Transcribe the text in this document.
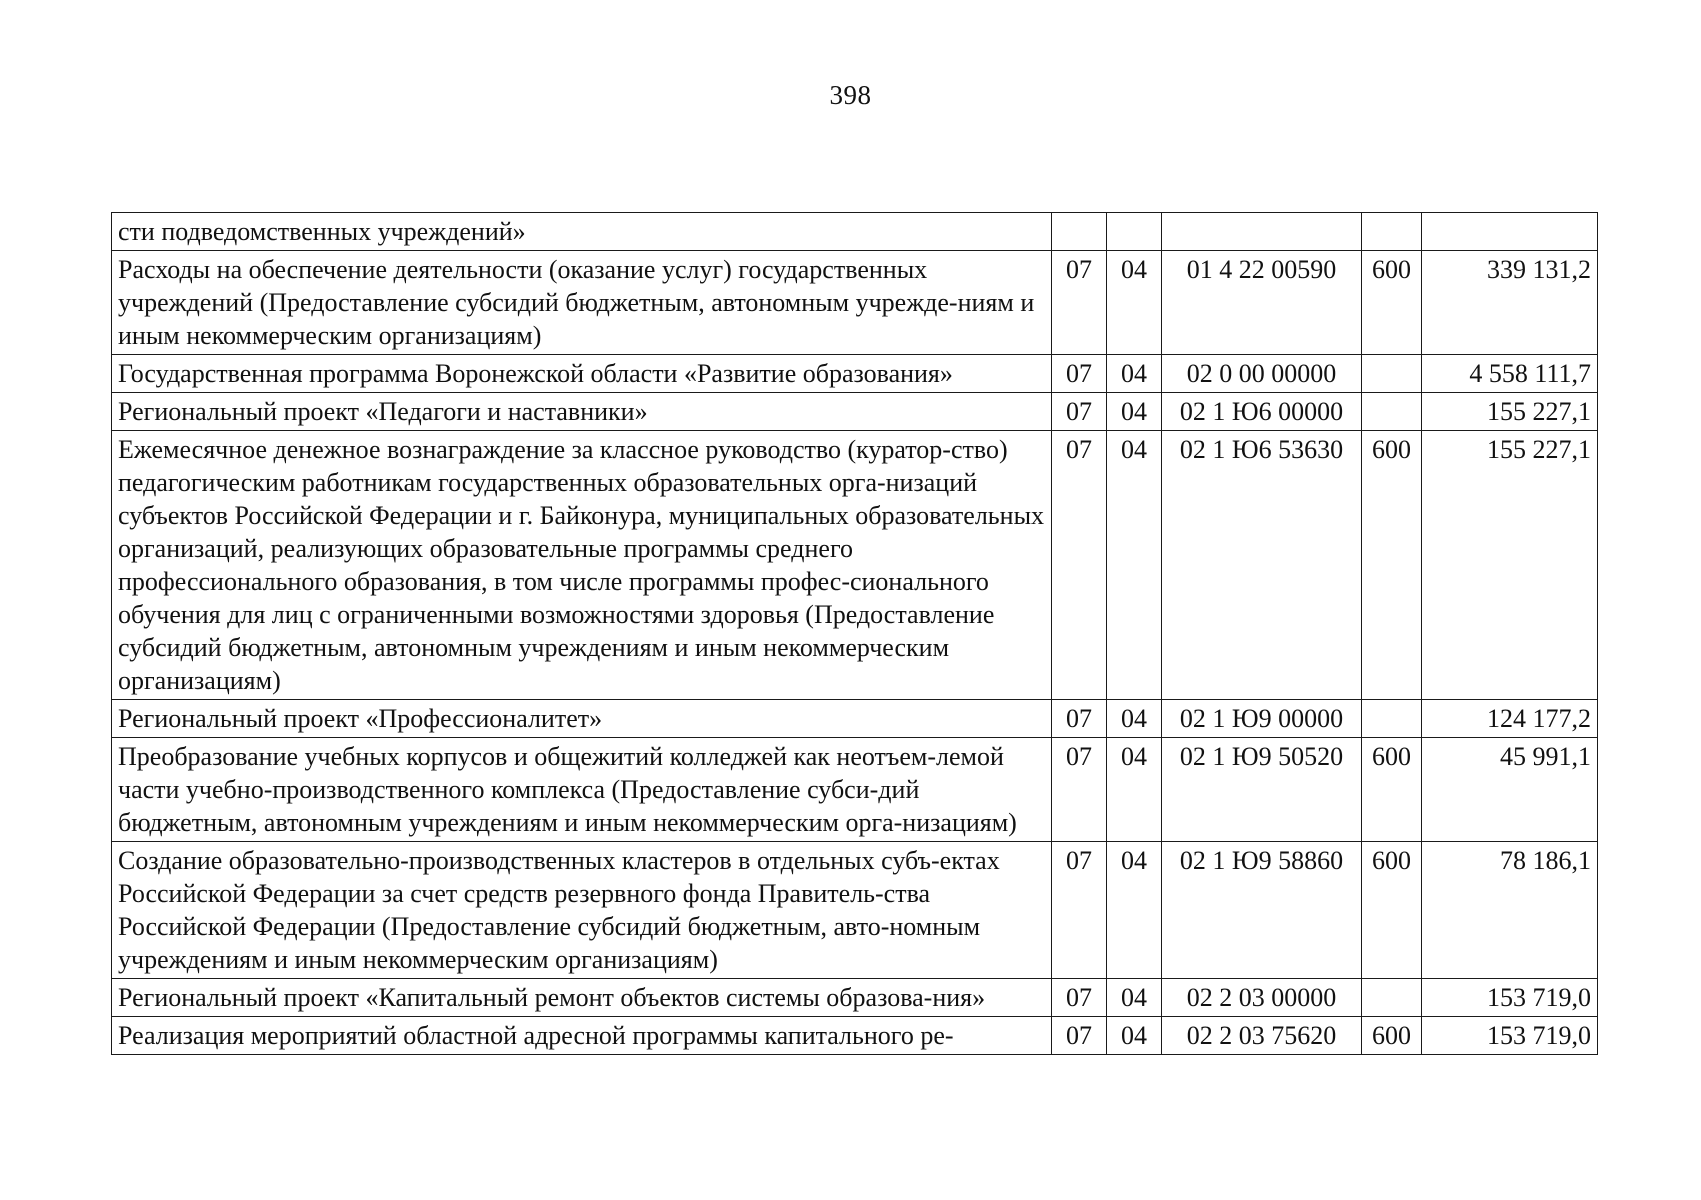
398
сти подведомственных учреждений»					
Расходы на обеспечение деятельности (оказание услуг) государственных учреждений (Предоставление субсидий бюджетным, автономным учрежде-ниям и иным некоммерческим организациям)	07	04	01 4 22 00590	600	339 131,2
Государственная программа Воронежской области «Развитие образования»	07	04	02 0 00 00000		4 558 111,7
Региональный проект «Педагоги и наставники»	07	04	02 1 Ю6 00000		155 227,1
Ежемесячное денежное вознаграждение за классное руководство (куратор-ство) педагогическим работникам государственных образовательных орга-низаций субъектов Российской Федерации и г. Байконура, муниципальных образовательных организаций, реализующих образовательные программы среднего профессионального образования, в том числе программы профес-сионального обучения для лиц с ограниченными возможностями здоровья (Предоставление субсидий бюджетным, автономным учреждениям и иным некоммерческим организациям)	07	04	02 1 Ю6 53630	600	155 227,1
Региональный проект «Профессионалитет»	07	04	02 1 Ю9 00000		124 177,2
Преобразование учебных корпусов и общежитий колледжей как неотъем-лемой части учебно-производственного комплекса (Предоставление субси-дий бюджетным, автономным учреждениям и иным некоммерческим орга-низациям)	07	04	02 1 Ю9 50520	600	45 991,1
Создание образовательно-производственных кластеров в отдельных субъ-ектах Российской Федерации за счет средств резервного фонда Правитель-ства Российской Федерации (Предоставление субсидий бюджетным, авто-номным учреждениям и иным некоммерческим организациям)	07	04	02 1 Ю9 58860	600	78 186,1
Региональный проект «Капитальный ремонт объектов системы образова-ния»	07	04	02 2 03 00000		153 719,0
Реализация мероприятий областной адресной программы капитального ре-	07	04	02 2 03 75620	600	153 719,0
